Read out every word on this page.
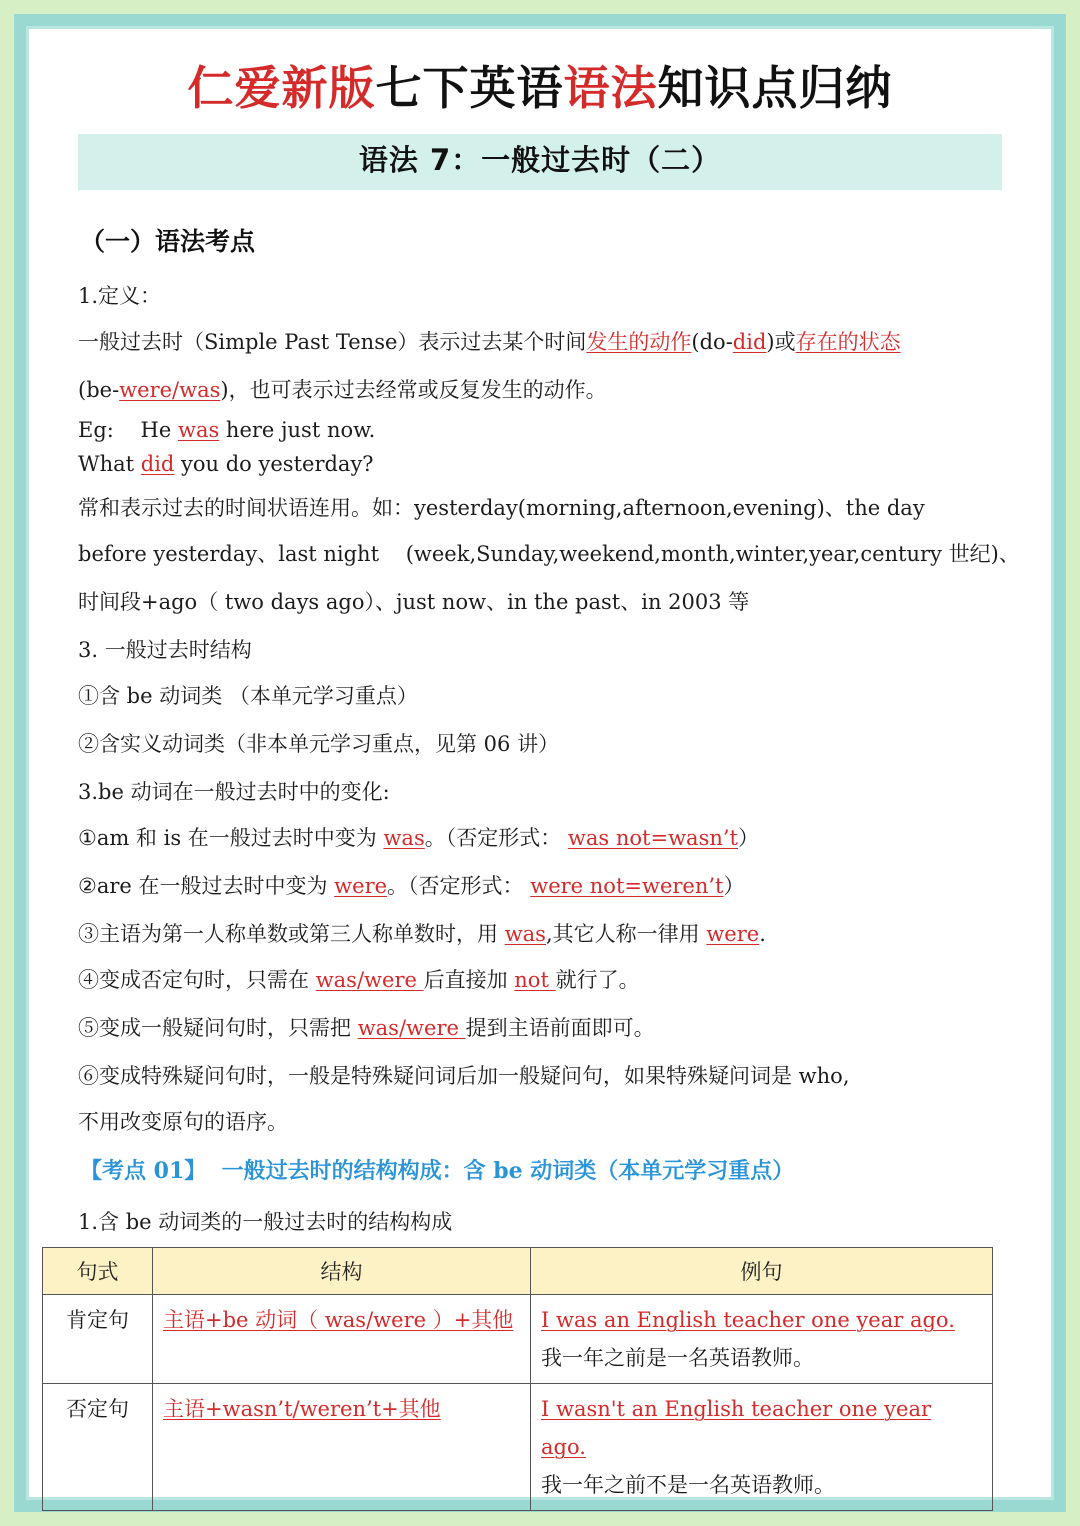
仁爱新版七下英语语法知识点归纳
语法 7：一般过去时（二）
（一）语法考点
1.定义：
一般过去时（Simple Past Tense）表示过去某个时间发生的动作(do-did)或存在的状态
(be-were/was)，也可表示过去经常或反复发生的动作。
Eg:    He was here just now.
What did you do yesterday?
常和表示过去的时间状语连用。如：yesterday(morning,afternoon,evening)、the day
before yesterday、last night    (week,Sunday,weekend,month,winter,year,century 世纪)、
时间段+ago（ two days ago）、just now、in the past、in 2003 等
3. 一般过去时结构
①含 be 动词类 （本单元学习重点）
②含实义动词类（非本单元学习重点，见第 06 讲）
3.be 动词在一般过去时中的变化:
①am 和 is 在一般过去时中变为 was。（否定形式： was not=wasn’t）
②are 在一般过去时中变为 were。（否定形式： were not=weren’t）
③主语为第一人称单数或第三人称单数时，用 was,其它人称一律用 were.
④变成否定句时，只需在 was/were 后直接加 not 就行了。
⑤变成一般疑问句时，只需把 was/were 提到主语前面即可。
⑥变成特殊疑问句时，一般是特殊疑问词后加一般疑问句，如果特殊疑问词是 who,
不用改变原句的语序。
【考点 01】  一般过去时的结构构成：含 be 动词类（本单元学习重点）
1.含 be 动词类的一般过去时的结构构成
句式	结构	例句
肯定句	主语+be 动词（ was/were ）+其他	I was an English teacher one year ago.
我一年之前是一名英语教师。
否定句	主语+wasn’t/weren’t+其他	I wasn't an English teacher one year ago.
我一年之前不是一名英语教师。
